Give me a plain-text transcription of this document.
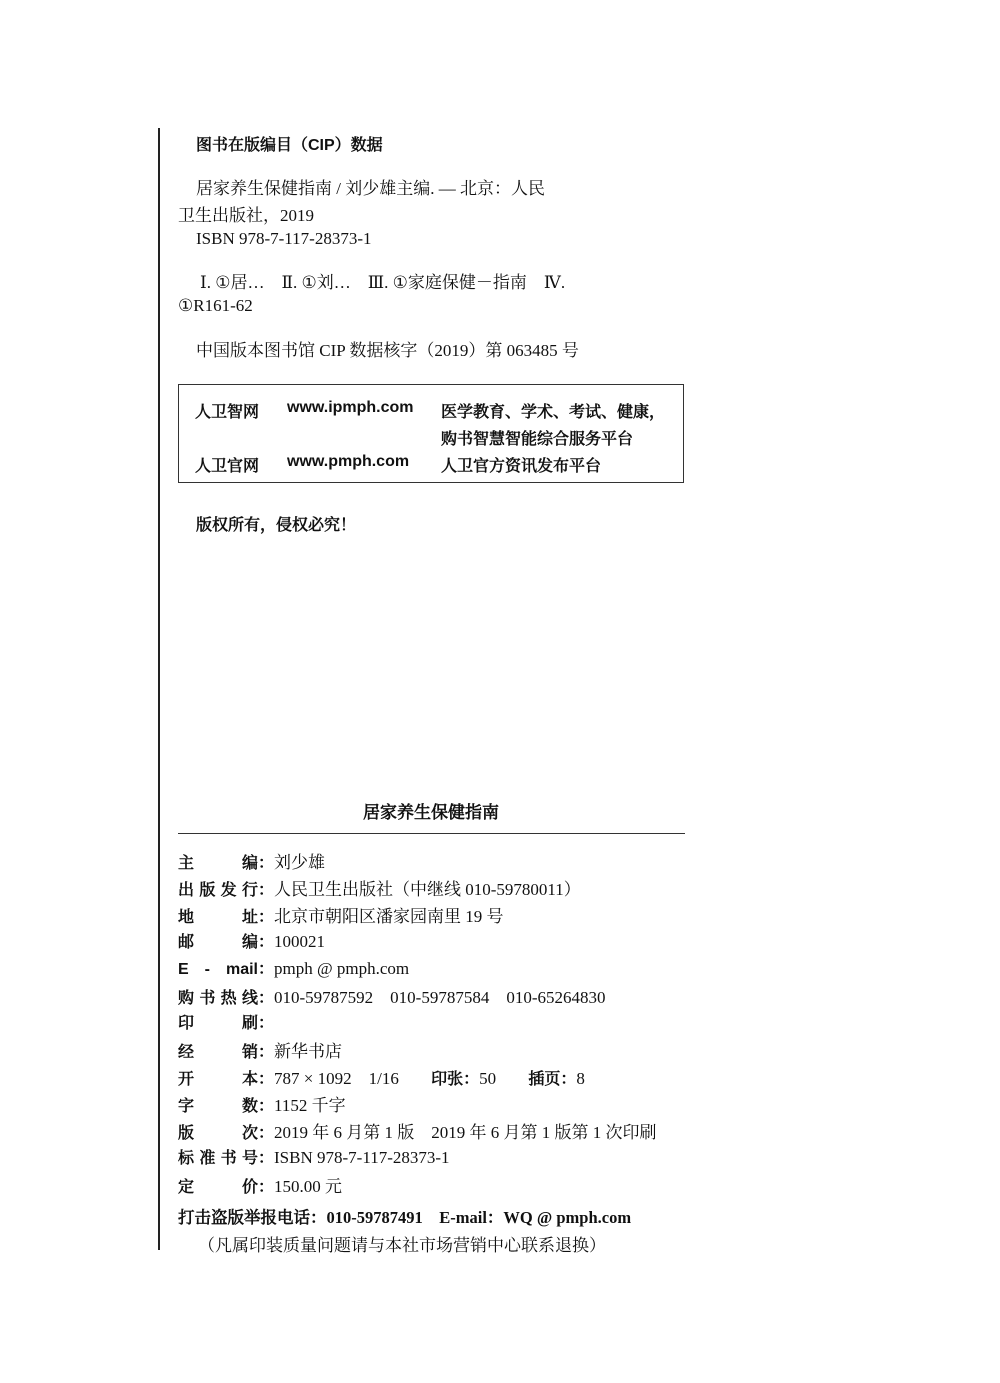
图书在版编目（CIP）数据
居家养生保健指南 / 刘少雄主编. — 北京：人民
卫生出版社，2019
ISBN 978-7-117-28373-1
Ⅰ. ①居…　Ⅱ. ①刘…　Ⅲ. ①家庭保健－指南　Ⅳ.
①R161-62
中国版本图书馆 CIP 数据核字（2019）第 063485 号
人卫智网 www.ipmph.com 医学教育、学术、考试、健康，
购书智慧智能综合服务平台
人卫官网 www.pmph.com 人卫官方资讯发布平台
版权所有，侵权必究！
居家养生保健指南
主　编：刘少雄
出版发行：人民卫生出版社（中继线 010-59780011）
地　址：北京市朝阳区潘家园南里 19 号
邮　编：100021
E - mail：pmph @ pmph.com
购书热线：010-59787592　010-59787584　010-65264830
印　刷：
经　销：新华书店
开　本：787 × 1092　1/16 印张：50 插页：8
字　数：1152 千字
版　次：2019 年 6 月第 1 版　2019 年 6 月第 1 版第 1 次印刷
标准书号：ISBN 978-7-117-28373-1
定　价：150.00 元
打击盗版举报电话：010-59787491　E-mail：WQ @ pmph.com
（凡属印装质量问题请与本社市场营销中心联系退换）
